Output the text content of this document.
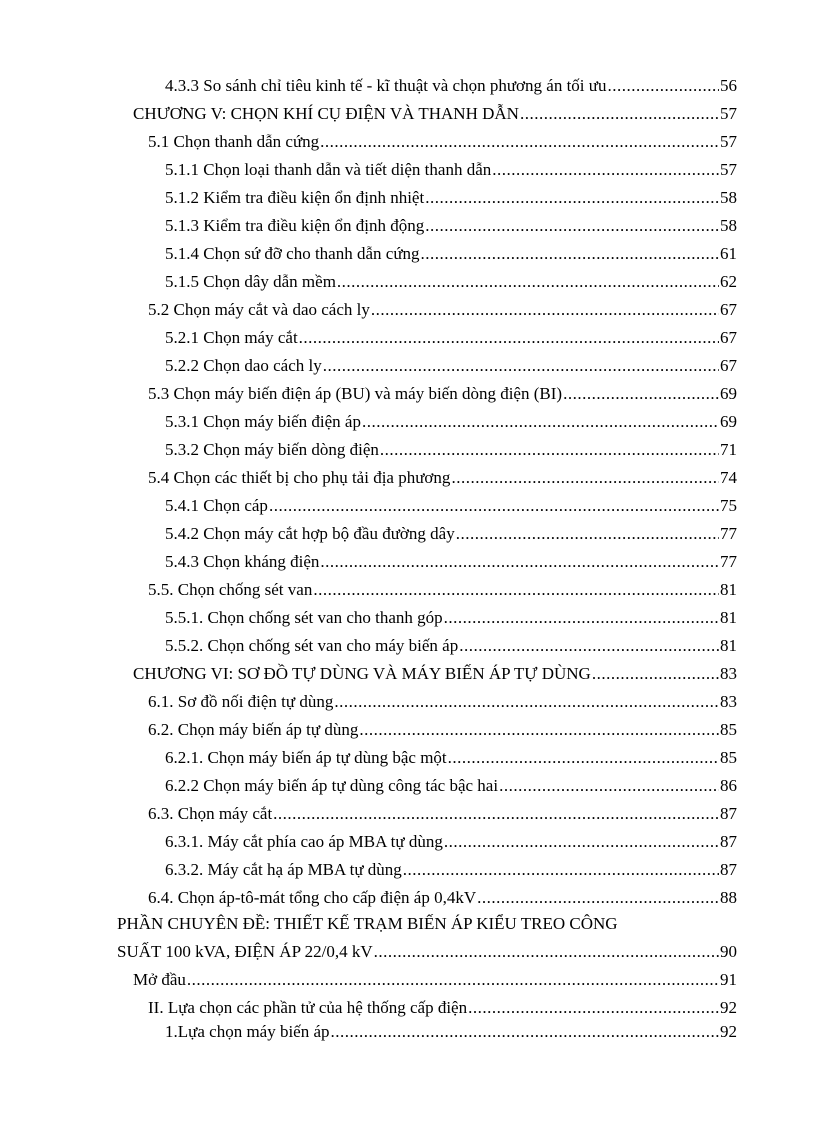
4.3.3 So sánh chỉ tiêu kinh tế - kĩ thuật và chọn phương án tối ưu .....	56
CHƯƠNG V: CHỌN KHÍ CỤ ĐIỆN VÀ THANH DẪN .....	57
5.1 Chọn thanh dẫn cứng .....	57
5.1.1 Chọn loại thanh dẫn và tiết diện thanh dẫn .....	57
5.1.2 Kiểm tra điều kiện ổn định nhiệt .....	58
5.1.3 Kiểm tra điều kiện ổn định động .....	58
5.1.4 Chọn sứ đỡ cho thanh dẫn cứng .....	61
5.1.5 Chọn dây dẫn mềm .....	62
5.2 Chọn máy cắt và dao cách ly .....	67
5.2.1 Chọn máy cắt .....	67
5.2.2 Chọn dao cách ly .....	67
5.3 Chọn máy biến điện áp (BU) và máy biến dòng điện (BI) .....	69
5.3.1 Chọn máy biến điện áp .....	69
5.3.2 Chọn máy biến dòng điện .....	71
5.4 Chọn các thiết bị cho phụ tải địa phương .....	74
5.4.1 Chọn cáp .....	75
5.4.2 Chọn máy cắt hợp bộ đầu đường dây .....	77
5.4.3 Chọn kháng điện .....	77
5.5. Chọn chống sét van .....	81
5.5.1. Chọn chống sét van cho thanh góp .....	81
5.5.2. Chọn chống sét van cho máy biến áp .....	81
CHƯƠNG VI: SƠ ĐỒ TỰ DÙNG VÀ MÁY BIẾN ÁP TỰ DÙNG .....	83
6.1. Sơ đồ nối điện tự dùng .....	83
6.2. Chọn máy biến áp tự dùng .....	85
6.2.1. Chọn máy biến áp tự dùng bậc một .....	85
6.2.2 Chọn máy biến áp tự dùng công tác bậc hai .....	86
6.3. Chọn máy cắt .....	87
6.3.1. Máy cắt phía cao áp MBA tự dùng .....	87
6.3.2. Máy cắt hạ áp MBA tự dùng .....	87
6.4. Chọn áp-tô-mát tổng cho cấp điện áp 0,4kV .....	88
PHẦN CHUYÊN ĐỀ: THIẾT KẾ TRẠM BIẾN ÁP KIỂU TREO CÔNG
SUẤT 100 kVA, ĐIỆN ÁP 22/0,4 kV .....	90
Mở đầu .....	91
II. Lựa chọn các phần tử của hệ thống cấp điện .....	92
1.Lựa chọn máy biến áp .....	92
